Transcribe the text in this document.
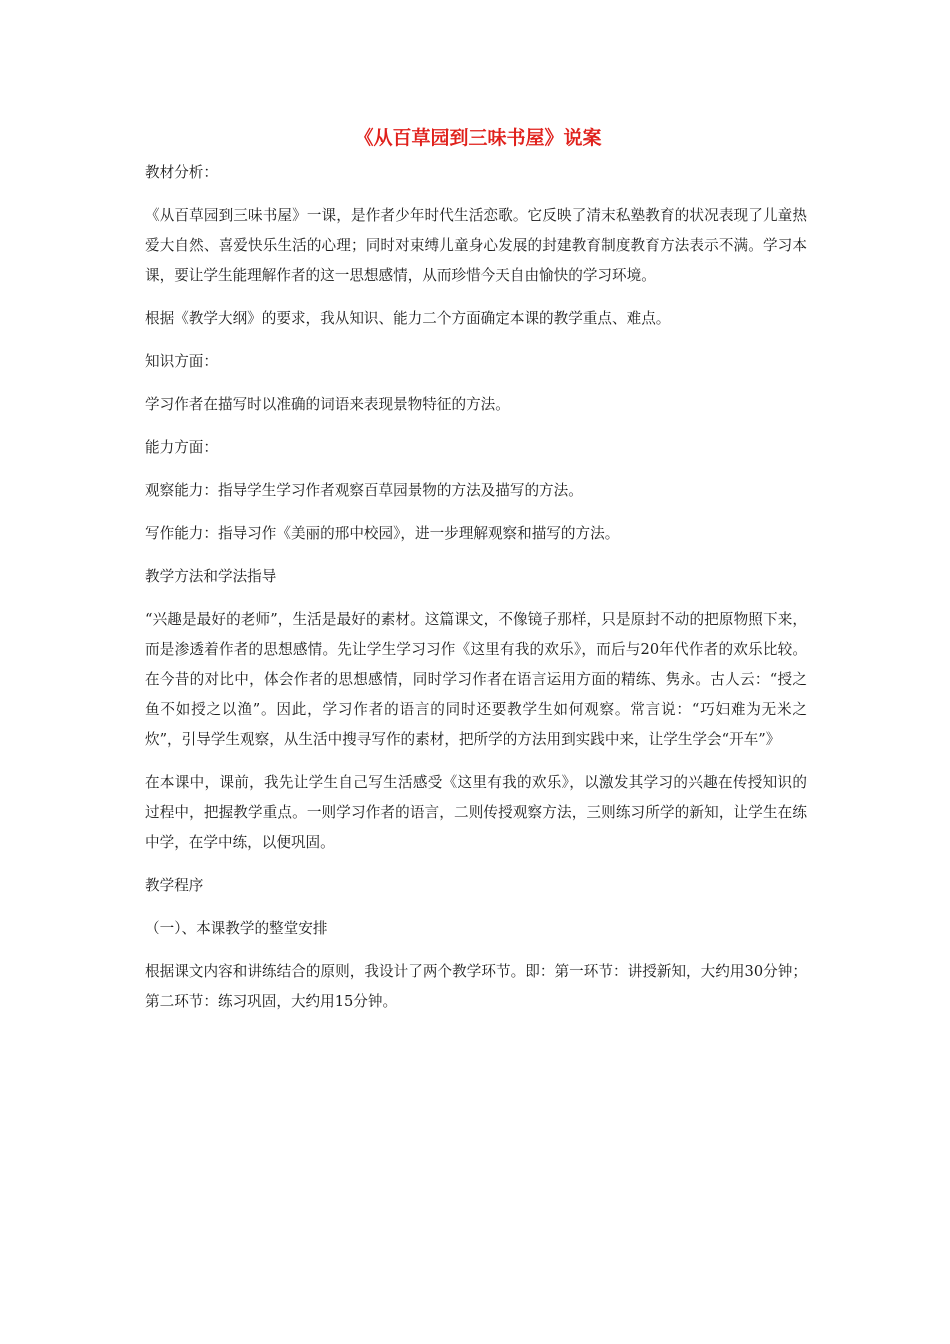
《从百草园到三味书屋》说案
教材分析：
《从百草园到三味书屋》一课，是作者少年时代生活恋歌。它反映了清末私塾教育的状况表现了儿童热爱大自然、喜爱快乐生活的心理；同时对束缚儿童身心发展的封建教育制度教育方法表示不满。学习本课，要让学生能理解作者的这一思想感情，从而珍惜今天自由愉快的学习环境。
根据《教学大纲》的要求，我从知识、能力二个方面确定本课的教学重点、难点。
知识方面：
学习作者在描写时以准确的词语来表现景物特征的方法。
能力方面：
观察能力：指导学生学习作者观察百草园景物的方法及描写的方法。
写作能力：指导习作《美丽的邢中校园》，进一步理解观察和描写的方法。
教学方法和学法指导
“兴趣是最好的老师”，生活是最好的素材。这篇课文，不像镜子那样，只是原封不动的把原物照下来，而是渗透着作者的思想感情。先让学生学习习作《这里有我的欢乐》，而后与20年代作者的欢乐比较。在今昔的对比中，体会作者的思想感情，同时学习作者在语言运用方面的精练、隽永。古人云：“授之鱼不如授之以渔”。因此，学习作者的语言的同时还要教学生如何观察。常言说：“巧妇难为无米之炊”，引导学生观察，从生活中搜寻写作的素材，把所学的方法用到实践中来，让学生学会“开车”》
在本课中，课前，我先让学生自己写生活感受《这里有我的欢乐》，以激发其学习的兴趣在传授知识的过程中，把握教学重点。一则学习作者的语言，二则传授观察方法，三则练习所学的新知，让学生在练中学，在学中练，以便巩固。
教学程序
（一）、本课教学的整堂安排
根据课文内容和讲练结合的原则，我设计了两个教学环节。即：第一环节：讲授新知，大约用30分钟；第二环节：练习巩固，大约用15分钟。
